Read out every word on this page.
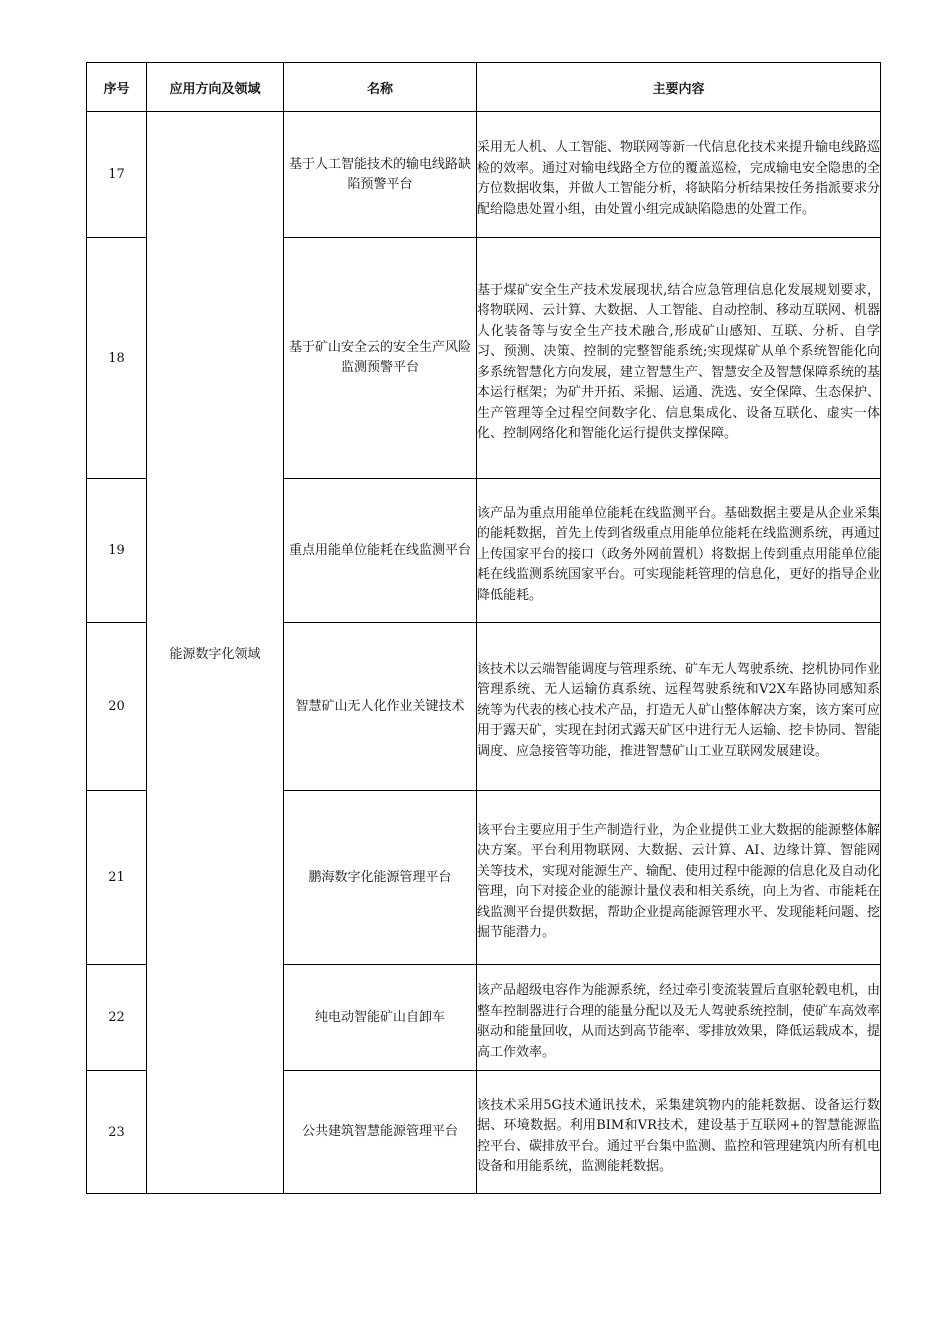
序号	应用方向及领域	名称	主要内容
17	能源数字化领域	基于人工智能技术的输电线路缺陷预警平台	采用无人机、人工智能、物联网等新一代信息化技术来提升输电线路巡检的效率。通过对输电线路全方位的覆盖巡检，完成输电安全隐患的全方位数据收集，并做人工智能分析，将缺陷分析结果按任务指派要求分配给隐患处置小组，由处置小组完成缺陷隐患的处置工作。

18		基于矿山安全云的安全生产风险监测预警平台	基于煤矿安全生产技术发展现状,结合应急管理信息化发展规划要求，将物联网、云计算、大数据、人工智能、自动控制、移动互联网、机器人化装备等与安全生产技术融合,形成矿山感知、互联、分析、自学习、预测、决策、控制的完整智能系统;实现煤矿从单个系统智能化向多系统智慧化方向发展，建立智慧生产、智慧安全及智慧保障系统的基本运行框架；为矿井开拓、采掘、运通、洗选、安全保障、生态保护、生产管理等全过程空间数字化、信息集成化、设备互联化、虚实一体化、控制网络化和智能化运行提供支撑保障。

19		重点用能单位能耗在线监测平台	该产品为重点用能单位能耗在线监测平台。基础数据主要是从企业采集的能耗数据，首先上传到省级重点用能单位能耗在线监测系统，再通过上传国家平台的接口（政务外网前置机）将数据上传到重点用能单位能耗在线监测系统国家平台。可实现能耗管理的信息化，更好的指导企业降低能耗。

20		智慧矿山无人化作业关键技术	该技术以云端智能调度与管理系统、矿车无人驾驶系统、挖机协同作业管理系统、无人运输仿真系统、远程驾驶系统和V2X车路协同感知系统等为代表的核心技术产品，打造无人矿山整体解决方案，该方案可应用于露天矿，实现在封闭式露天矿区中进行无人运输、挖卡协同、智能调度、应急接管等功能，推进智慧矿山工业互联网发展建设。

21		鹏海数字化能源管理平台	该平台主要应用于生产制造行业，为企业提供工业大数据的能源整体解决方案。平台利用物联网、大数据、云计算、AI、边缘计算、智能网关等技术，实现对能源生产、输配、使用过程中能源的信息化及自动化管理，向下对接企业的能源计量仪表和相关系统，向上为省、市能耗在线监测平台提供数据，帮助企业提高能源管理水平、发现能耗问题、挖掘节能潜力。

22		纯电动智能矿山自卸车	该产品超级电容作为能源系统，经过牵引变流装置后直驱轮毂电机，由整车控制器进行合理的能量分配以及无人驾驶系统控制，使矿车高效率驱动和能量回收，从而达到高节能率、零排放效果，降低运载成本，提高工作效率。

23		公共建筑智慧能源管理平台	该技术采用5G技术通讯技术，采集建筑物内的能耗数据、设备运行数据、环境数据。利用BIM和VR技术，建设基于互联网+的智慧能源监控平台、碳排放平台。通过平台集中监测、监控和管理建筑内所有机电设备和用能系统，监测能耗数据。
